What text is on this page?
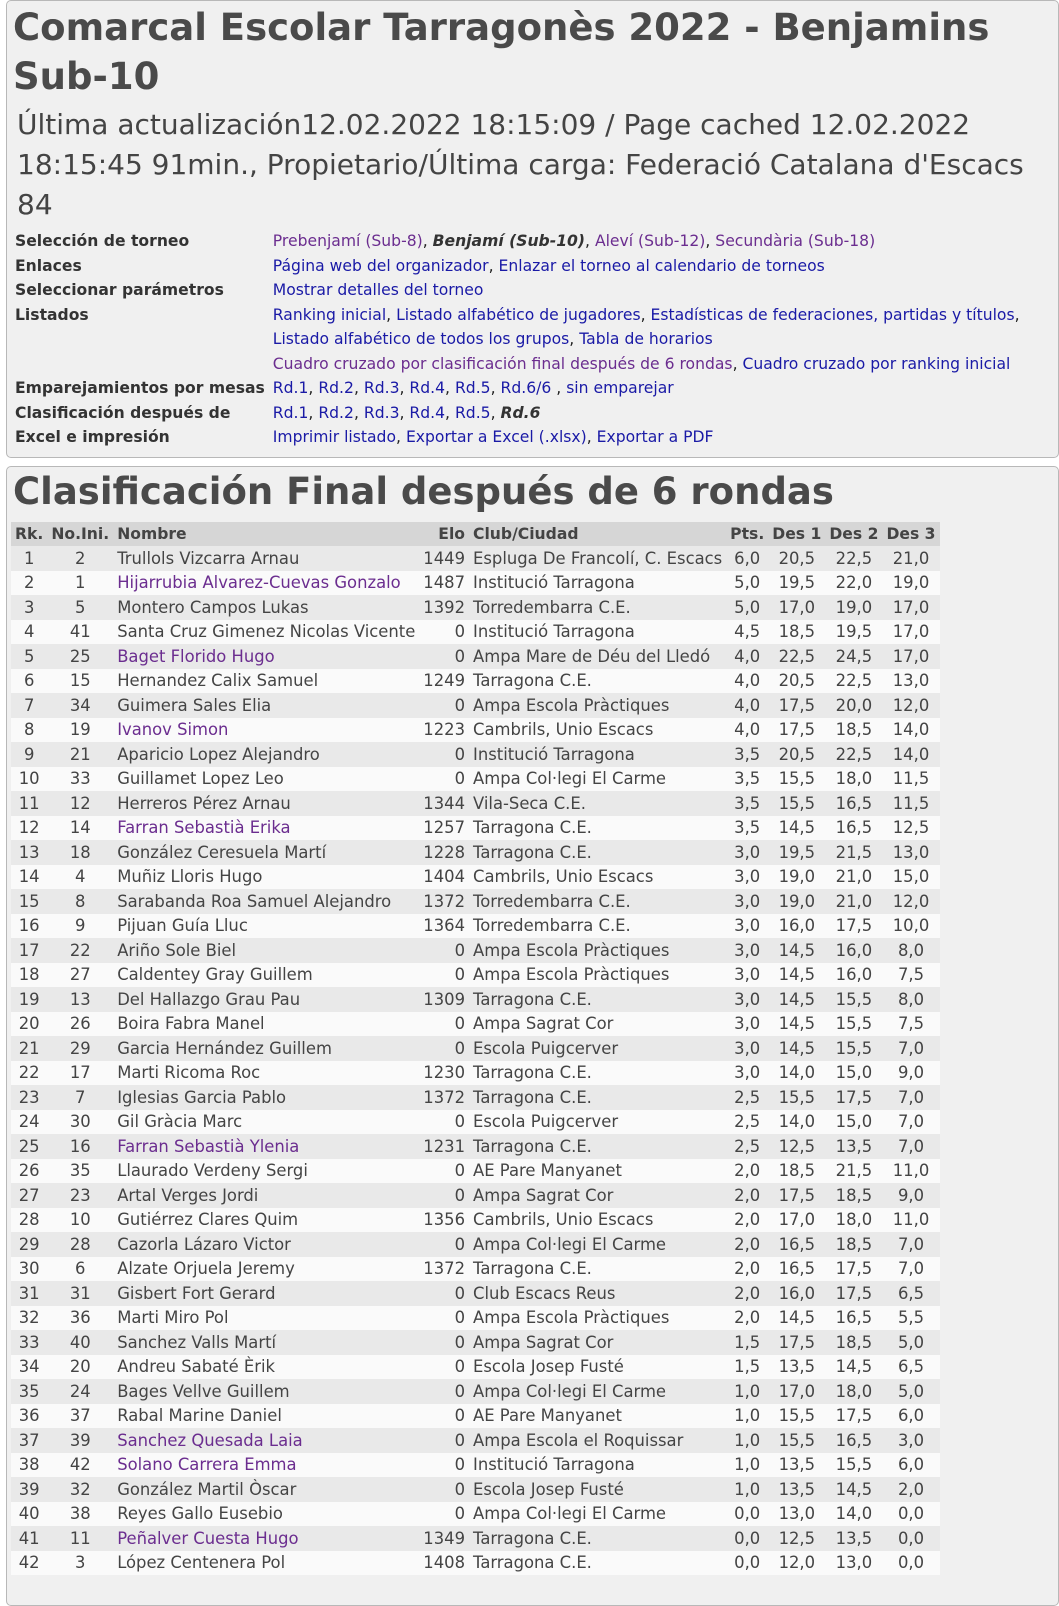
Comarcal Escolar Tarragonès 2022 - Benjamins Sub-10
Última actualización12.02.2022 18:15:09 / Page cached 12.02.2022 18:15:45 91min., Propietario/Última carga: Federació Catalana d'Escacs 84
Selección de torneo	Prebenjamí (Sub-8), Benjamí (Sub-10), Aleví (Sub-12), Secundària (Sub-18)
Enlaces	Página web del organizador, Enlazar el torneo al calendario de torneos
Seleccionar parámetros	Mostrar detalles del torneo
Listados	Ranking inicial, Listado alfabético de jugadores, Estadísticas de federaciones, partidas y títulos,
Listado alfabético de todos los grupos, Tabla de horarios
Cuadro cruzado por clasificación final después de 6 rondas, Cuadro cruzado por ranking inicial
Emparejamientos por mesas	Rd.1, Rd.2, Rd.3, Rd.4, Rd.5, Rd.6/6 , sin emparejar
Clasificación después de	Rd.1, Rd.2, Rd.3, Rd.4, Rd.5, Rd.6
Excel e impresión	Imprimir listado, Exportar a Excel (.xlsx), Exportar a PDF
Clasificación Final después de 6 rondas
Rk.	No.Ini.	Nombre	Elo	Club/Ciudad	Pts.	Des 1	Des 2	Des 3
1	2	Trullols Vizcarra Arnau	1449	Espluga De Francolí, C. Escacs	6,0	20,5	22,5	21,0
2	1	Hijarrubia Alvarez-Cuevas Gonzalo	1487	Institució Tarragona	5,0	19,5	22,0	19,0
3	5	Montero Campos Lukas	1392	Torredembarra C.E.	5,0	17,0	19,0	17,0
4	41	Santa Cruz Gimenez Nicolas Vicente	0	Institució Tarragona	4,5	18,5	19,5	17,0
5	25	Baget Florido Hugo	0	Ampa Mare de Déu del Lledó	4,0	22,5	24,5	17,0
6	15	Hernandez Calix Samuel	1249	Tarragona C.E.	4,0	20,5	22,5	13,0
7	34	Guimera Sales Elia	0	Ampa Escola Pràctiques	4,0	17,5	20,0	12,0
8	19	Ivanov Simon	1223	Cambrils, Unio Escacs	4,0	17,5	18,5	14,0
9	21	Aparicio Lopez Alejandro	0	Institució Tarragona	3,5	20,5	22,5	14,0
10	33	Guillamet Lopez Leo	0	Ampa Col·legi El Carme	3,5	15,5	18,0	11,5
11	12	Herreros Pérez Arnau	1344	Vila-Seca C.E.	3,5	15,5	16,5	11,5
12	14	Farran Sebastià Erika	1257	Tarragona C.E.	3,5	14,5	16,5	12,5
13	18	González Ceresuela Martí	1228	Tarragona C.E.	3,0	19,5	21,5	13,0
14	4	Muñiz Lloris Hugo	1404	Cambrils, Unio Escacs	3,0	19,0	21,0	15,0
15	8	Sarabanda Roa Samuel Alejandro	1372	Torredembarra C.E.	3,0	19,0	21,0	12,0
16	9	Pijuan Guía Lluc	1364	Torredembarra C.E.	3,0	16,0	17,5	10,0
17	22	Ariño Sole Biel	0	Ampa Escola Pràctiques	3,0	14,5	16,0	8,0
18	27	Caldentey Gray Guillem	0	Ampa Escola Pràctiques	3,0	14,5	16,0	7,5
19	13	Del Hallazgo Grau Pau	1309	Tarragona C.E.	3,0	14,5	15,5	8,0
20	26	Boira Fabra Manel	0	Ampa Sagrat Cor	3,0	14,5	15,5	7,5
21	29	Garcia Hernández Guillem	0	Escola Puigcerver	3,0	14,5	15,5	7,0
22	17	Marti Ricoma Roc	1230	Tarragona C.E.	3,0	14,0	15,0	9,0
23	7	Iglesias Garcia Pablo	1372	Tarragona C.E.	2,5	15,5	17,5	7,0
24	30	Gil Gràcia Marc	0	Escola Puigcerver	2,5	14,0	15,0	7,0
25	16	Farran Sebastià Ylenia	1231	Tarragona C.E.	2,5	12,5	13,5	7,0
26	35	Llaurado Verdeny Sergi	0	AE Pare Manyanet	2,0	18,5	21,5	11,0
27	23	Artal Verges Jordi	0	Ampa Sagrat Cor	2,0	17,5	18,5	9,0
28	10	Gutiérrez Clares Quim	1356	Cambrils, Unio Escacs	2,0	17,0	18,0	11,0
29	28	Cazorla Lázaro Victor	0	Ampa Col·legi El Carme	2,0	16,5	18,5	7,0
30	6	Alzate Orjuela Jeremy	1372	Tarragona C.E.	2,0	16,5	17,5	7,0
31	31	Gisbert Fort Gerard	0	Club Escacs Reus	2,0	16,0	17,5	6,5
32	36	Marti Miro Pol	0	Ampa Escola Pràctiques	2,0	14,5	16,5	5,5
33	40	Sanchez Valls Martí	0	Ampa Sagrat Cor	1,5	17,5	18,5	5,0
34	20	Andreu Sabaté Èrik	0	Escola Josep Fusté	1,5	13,5	14,5	6,5
35	24	Bages Vellve Guillem	0	Ampa Col·legi El Carme	1,0	17,0	18,0	5,0
36	37	Rabal Marine Daniel	0	AE Pare Manyanet	1,0	15,5	17,5	6,0
37	39	Sanchez Quesada Laia	0	Ampa Escola el Roquissar	1,0	15,5	16,5	3,0
38	42	Solano Carrera Emma	0	Institució Tarragona	1,0	13,5	15,5	6,0
39	32	González Martil Òscar	0	Escola Josep Fusté	1,0	13,5	14,5	2,0
40	38	Reyes Gallo Eusebio	0	Ampa Col·legi El Carme	0,0	13,0	14,0	0,0
41	11	Peñalver Cuesta Hugo	1349	Tarragona C.E.	0,0	12,5	13,5	0,0
42	3	López Centenera Pol	1408	Tarragona C.E.	0,0	12,0	13,0	0,0
